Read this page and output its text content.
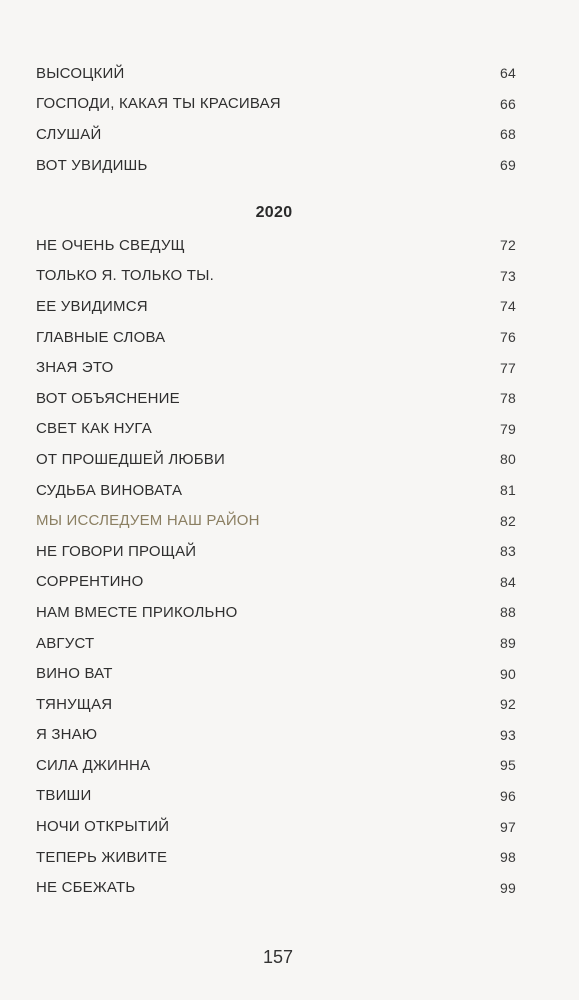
ВЫСОЦКИЙ	64
ГОСПОДИ, КАКАЯ ТЫ КРАСИВАЯ	66
СЛУШАЙ	68
ВОТ УВИДИШЬ	69
2020
НЕ ОЧЕНЬ СВЕДУЩ	72
ТОЛЬКО Я. ТОЛЬКО ТЫ.	73
ЕЕ УВИДИМСЯ	74
ГЛАВНЫЕ СЛОВА	76
ЗНАЯ ЭТО	77
ВОТ ОБЪЯСНЕНИЕ	78
СВЕТ КАК НУГА	79
ОТ ПРОШЕДШЕЙ ЛЮБВИ	80
СУДЬБА ВИНОВАТА	81
МЫ ИССЛЕДУЕМ НАШ РАЙОН	82
НЕ ГОВОРИ ПРОЩАЙ	83
СОРРЕНТИНО	84
НАМ ВМЕСТЕ ПРИКОЛЬНО	88
АВГУСТ	89
ВИНО ВАТ	90
ТЯНУЩАЯ	92
Я ЗНАЮ	93
СИЛА ДЖИННА	95
ТВИШИ	96
НОЧИ ОТКРЫТИЙ	97
ТЕПЕРЬ ЖИВИТЕ	98
НЕ СБЕЖАТЬ	99
157
